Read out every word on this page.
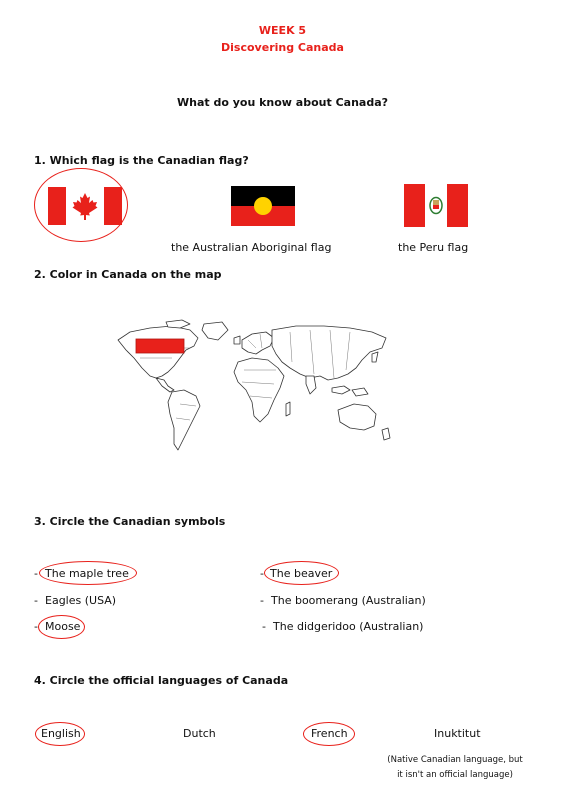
WEEK 5
Discovering Canada
What do you know about Canada?
1. Which flag is the Canadian flag?
the Australian Aboriginal flag	the Peru flag
2. Color in Canada on the map
3. Circle the Canadian symbols
- The maple tree	- The beaver
- Eagles (USA)	- The boomerang (Australian)
- Moose	- The didgeridoo (Australian)
4. Circle the official languages of Canada
English	Dutch	French	Inuktitut
(Native Canadian language, but
it isn't an official language)
